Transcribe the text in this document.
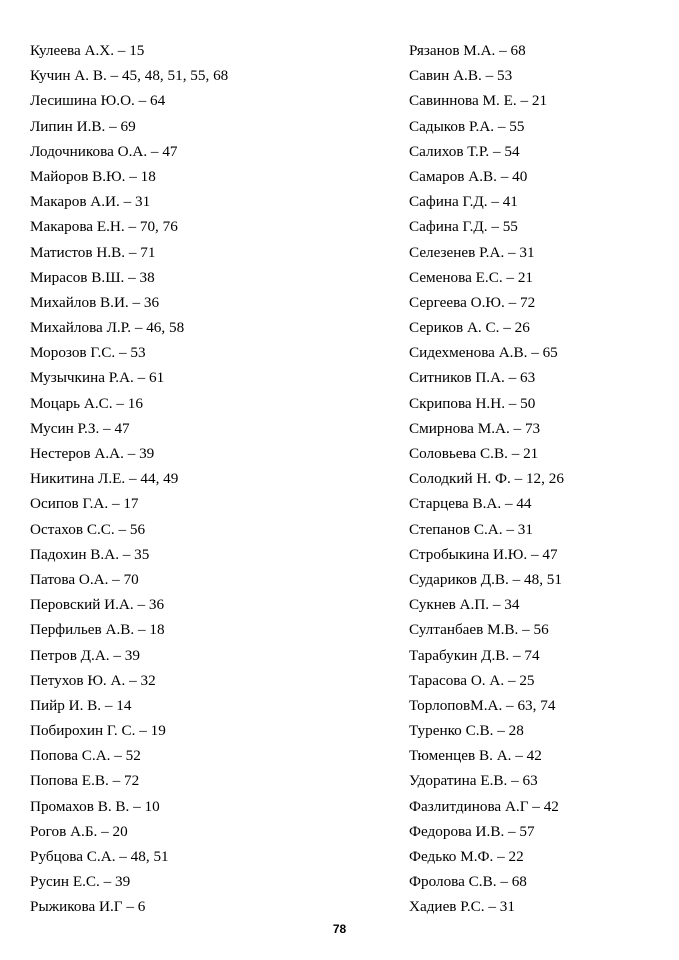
Кулеева А.Х. – 15
Кучин А. В. – 45, 48, 51, 55, 68
Лесишина Ю.О. – 64
Липин И.В. – 69
Лодочникова О.А. – 47
Майоров В.Ю. – 18
Макаров А.И. – 31
Макарова Е.Н. – 70, 76
Матистов Н.В. – 71
Мирасов В.Ш. – 38
Михайлов В.И. – 36
Михайлова Л.Р. – 46, 58
Морозов Г.С. – 53
Музычкина Р.А. – 61
Моцарь А.С. – 16
Мусин Р.З. – 47
Нестеров А.А. – 39
Никитина Л.Е. – 44, 49
Осипов Г.А. – 17
Остахов С.С. – 56
Падохин В.А. – 35
Патова О.А. – 70
Перовский И.А. – 36
Перфильев А.В. – 18
Петров Д.А. – 39
Петухов Ю. А. – 32
Пийр И. В. – 14
Побирохин Г. С. – 19
Попова С.А. – 52
Попова Е.В. – 72
Промахов В. В. – 10
Рогов А.Б. – 20
Рубцова С.А. – 48, 51
Русин Е.С. – 39
Рыжикова И.Г – 6
Рязанов М.А. – 68
Савин А.В. – 53
Савиннова М. Е. – 21
Садыков Р.А. – 55
Салихов Т.Р. – 54
Самаров А.В. – 40
Сафина Г.Д. – 41
Сафина Г.Д. – 55
Селезенев Р.А. – 31
Семенова Е.С. – 21
Сергеева О.Ю. – 72
Сериков А. С. – 26
Сидехменова А.В. – 65
Ситников П.А. – 63
Скрипова Н.Н. – 50
Смирнова М.А. – 73
Соловьева С.В. – 21
Солодкий Н. Ф. – 12, 26
Старцева В.А. – 44
Степанов С.А. – 31
Стробыкина И.Ю. – 47
Судариков Д.В. – 48, 51
Сукнев А.П. – 34
Султанбаев М.В. – 56
Тарабукин Д.В. – 74
Тарасова О. А. – 25
ТорлоповМ.А. – 63, 74
Туренко С.В. – 28
Тюменцев В. А. – 42
Удоратина Е.В. – 63
Фазлитдинова А.Г – 42
Федорова И.В. – 57
Федько М.Ф. – 22
Фролова С.В. – 68
Хадиев Р.С. – 31
78
